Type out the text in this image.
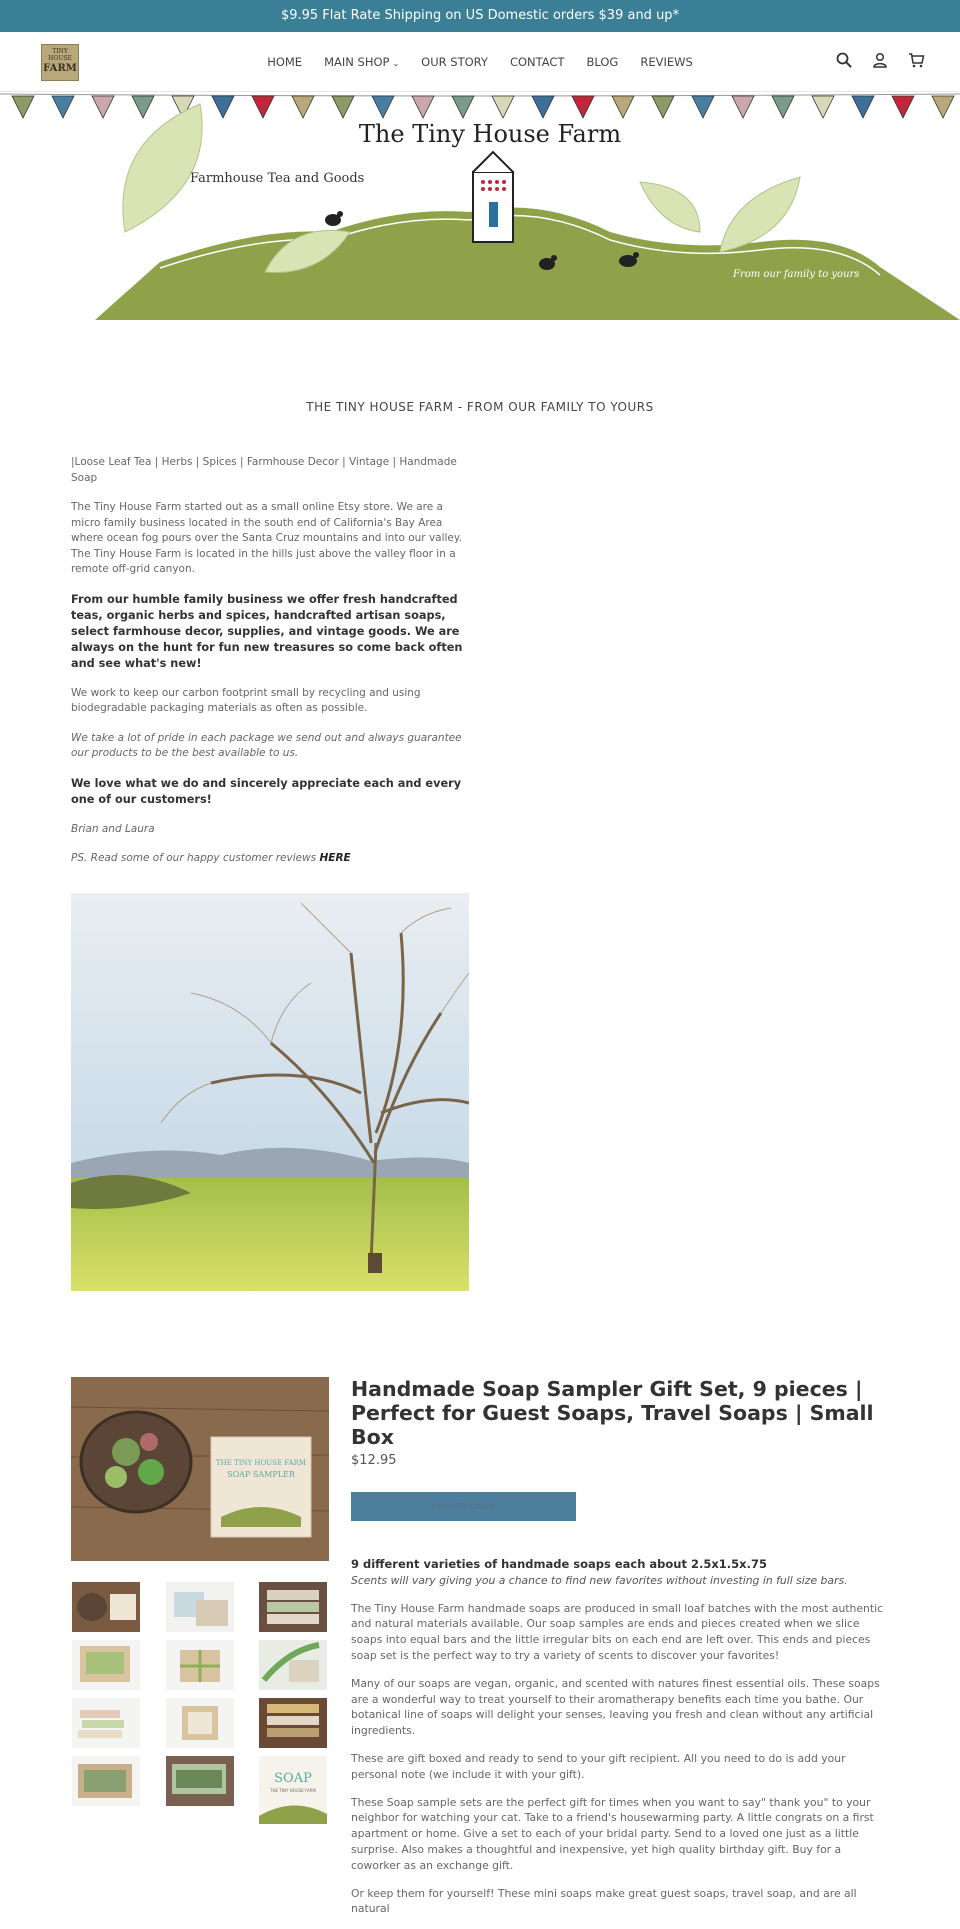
$9.95 Flat Rate Shipping on US Domestic orders $39 and up*
TINY HOUSE
FARM	HOME MAIN SHOP ⌄ OUR STORY CONTACT BLOG REVIEWS
The Tiny House Farm
Farmhouse Tea and Goods
From our family to yours
THE TINY HOUSE FARM - FROM OUR FAMILY TO YOURS

|Loose Leaf Tea | Herbs | Spices | Farmhouse Decor | Vintage | Handmade Soap

The Tiny House Farm started out as a small online Etsy store. We are a micro family business located in the south end of California's Bay Area where ocean fog pours over the Santa Cruz mountains and into our valley. The Tiny House Farm is located in the hills just above the valley floor in a remote off-grid canyon.

From our humble family business we offer fresh handcrafted teas, organic herbs and spices, handcrafted artisan soaps, select farmhouse decor, supplies, and vintage goods. We are always on the hunt for fun new treasures so come back often and see what's new!

We work to keep our carbon footprint small by recycling and using biodegradable packaging materials as often as possible.

We take a lot of pride in each package we send out and always guarantee our products to be the best available to us.

We love what we do and sincerely appreciate each and every one of our customers!

Brian and Laura

PS. Read some of our happy customer reviews HERE

THE TINY HOUSE FARM
SOAP SAMPLER
SOAP
THE TINY HOUSE FARM
Handmade Soap Sampler Gift Set, 9 pieces | Perfect for Guest Soaps, Travel Soaps | Small Box
$12.95
ADD TO CART

9 different varieties of handmade soaps each about 2.5x1.5x.75
Scents will vary giving you a chance to find new favorites without investing in full size bars.

The Tiny House Farm handmade soaps are produced in small loaf batches with the most authentic and natural materials available. Our soap samples are ends and pieces created when we slice soaps into equal bars and the little irregular bits on each end are left over. This ends and pieces soap set is the perfect way to try a variety of scents to discover your favorites!

Many of our soaps are vegan, organic, and scented with natures finest essential oils. These soaps are a wonderful way to treat yourself to their aromatherapy benefits each time you bathe. Our botanical line of soaps will delight your senses, leaving you fresh and clean without any artificial ingredients.

These are gift boxed and ready to send to your gift recipient. All you need to do is add your personal note (we include it with your gift).

These Soap sample sets are the perfect gift for times when you want to say" thank you" to your neighbor for watching your cat. Take to a friend's housewarming party. A little congrats on a first apartment or home. Give a set to each of your bridal party. Send to a loved one just as a little surprise. Also makes a thoughtful and inexpensive, yet high quality birthday gift. Buy for a coworker as an exchange gift.

Or keep them for yourself! These mini soaps make great guest soaps, travel soap, and are all natural
